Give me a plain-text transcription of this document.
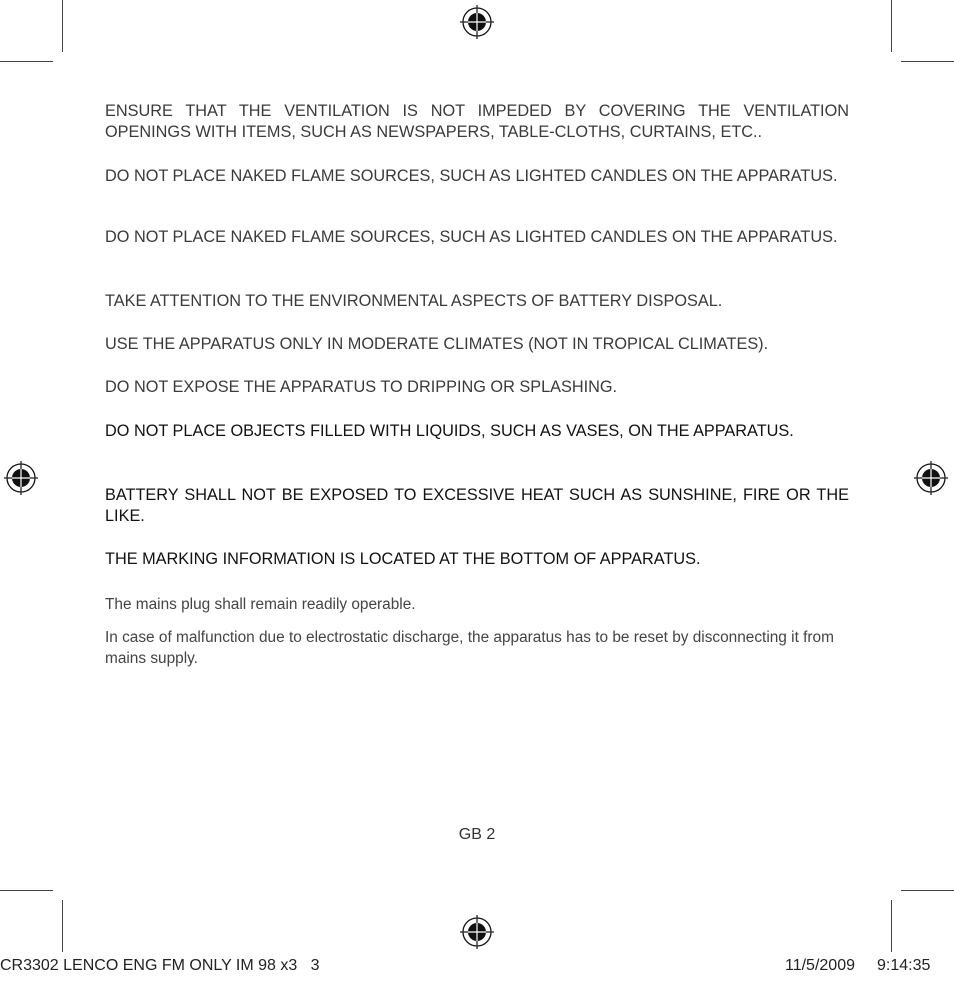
ENSURE THAT THE VENTILATION IS NOT IMPEDED BY COVERING THE VENTILATION OPENINGS WITH ITEMS, SUCH AS NEWSPAPERS, TABLE-CLOTHS, CURTAINS, ETC..

DO NOT PLACE NAKED FLAME SOURCES, SUCH AS LIGHTED CANDLES ON THE APPARATUS.

DO NOT PLACE NAKED FLAME SOURCES, SUCH AS LIGHTED CANDLES ON THE APPARATUS.

TAKE ATTENTION TO THE ENVIRONMENTAL ASPECTS OF BATTERY DISPOSAL.

USE THE APPARATUS ONLY IN MODERATE CLIMATES (NOT IN TROPICAL CLIMATES).

DO NOT EXPOSE THE APPARATUS TO DRIPPING OR SPLASHING.

DO NOT PLACE OBJECTS FILLED WITH LIQUIDS, SUCH AS VASES, ON THE APPARATUS.

BATTERY SHALL NOT BE EXPOSED TO EXCESSIVE HEAT SUCH AS SUNSHINE, FIRE OR THE LIKE.

THE MARKING INFORMATION IS LOCATED AT THE BOTTOM OF APPARATUS.

The mains plug shall remain readily operable.

In case of malfunction due to electrostatic discharge, the apparatus has to be reset by disconnecting it from mains supply.

GB 2
CR3302 LENCO ENG FM ONLY IM 98 x3   3	11/5/2009 9:14:35
